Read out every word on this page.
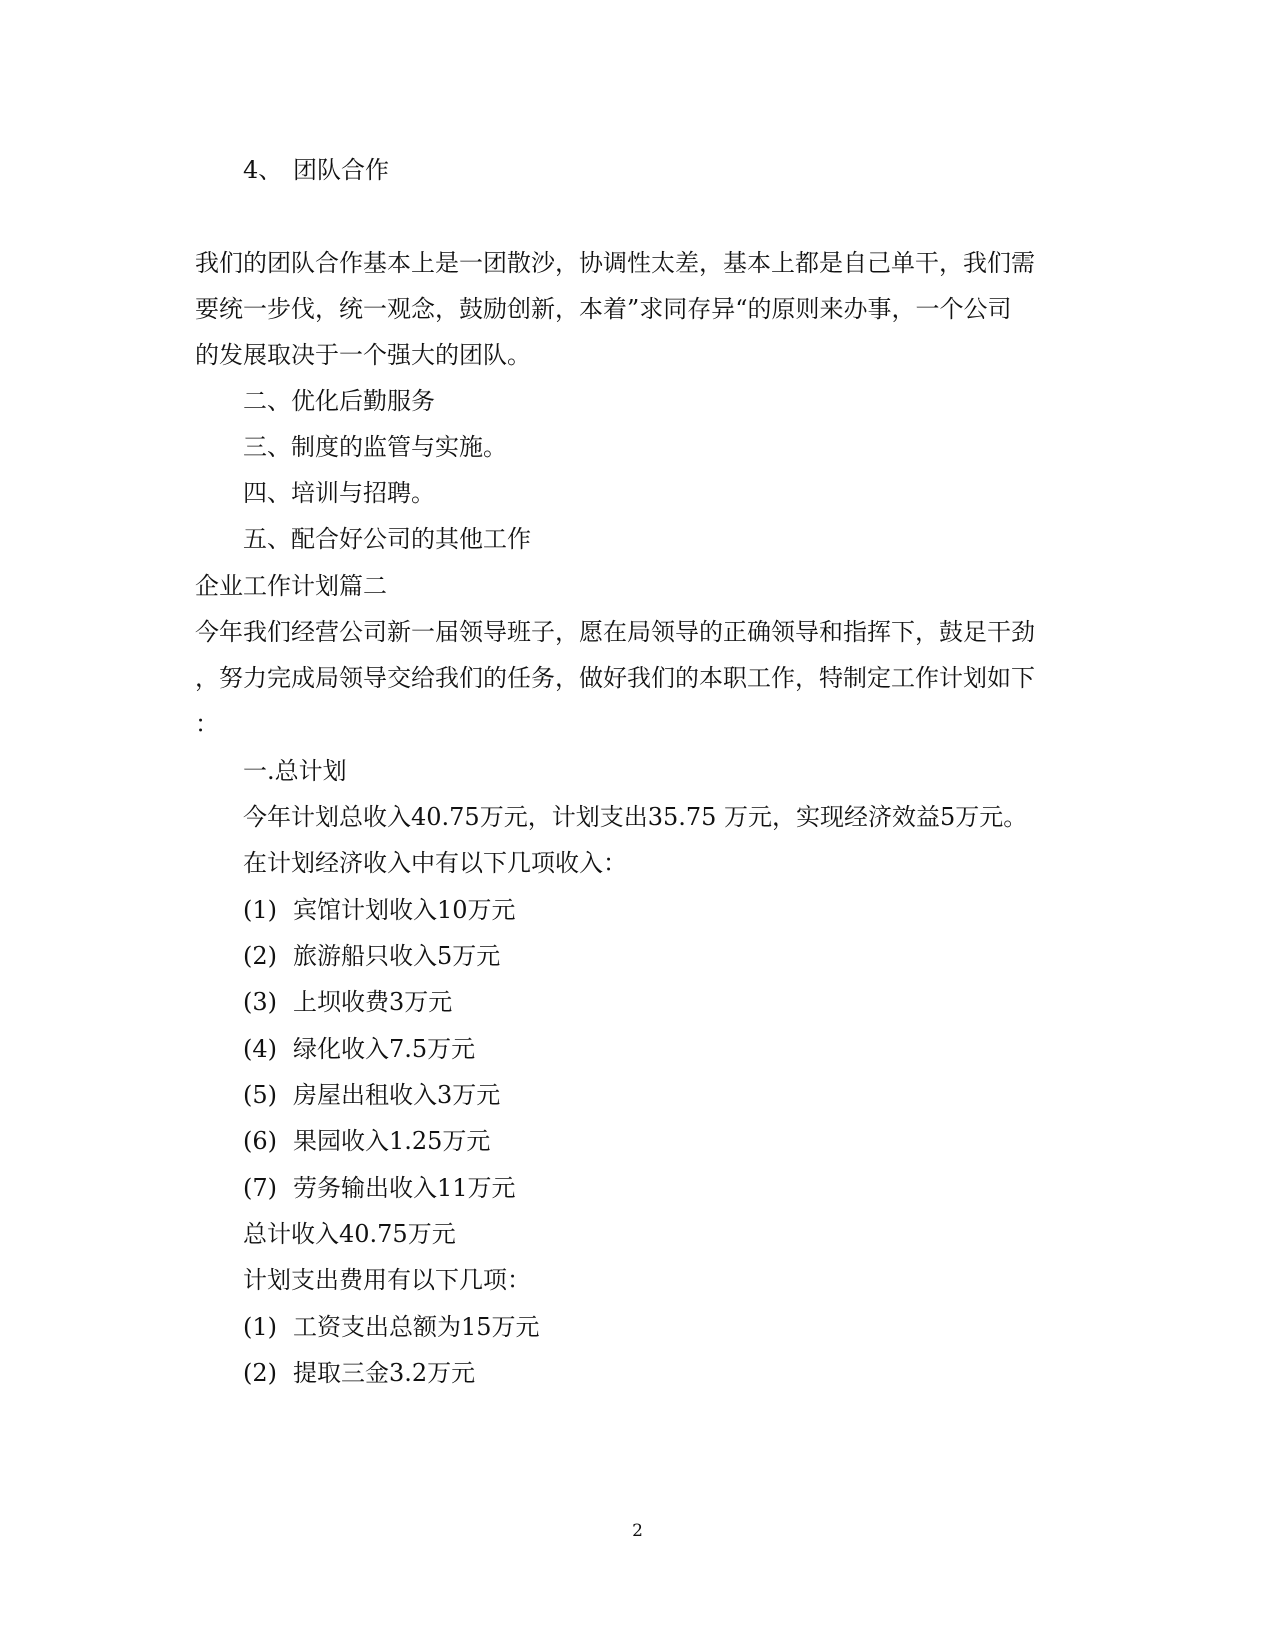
4、 团队合作
我们的团队合作基本上是一团散沙，协调性太差，基本上都是自己单干，我们需
要统一步伐，统一观念，鼓励创新，本着”求同存异“的原则来办事，一个公司
的发展取决于一个强大的团队。
二、优化后勤服务
三、制度的监管与实施。
四、培训与招聘。
五、配合好公司的其他工作
企业工作计划篇二
今年我们经营公司新一届领导班子，愿在局领导的正确领导和指挥下，鼓足干劲
，努力完成局领导交给我们的任务，做好我们的本职工作，特制定工作计划如下
：
一.总计划
今年计划总收入40.75万元，计划支出35.75 万元，实现经济效益5万元。
在计划经济收入中有以下几项收入：
(1) 宾馆计划收入10万元
(2) 旅游船只收入5万元
(3) 上坝收费3万元
(4) 绿化收入7.5万元
(5) 房屋出租收入3万元
(6) 果园收入1.25万元
(7) 劳务输出收入11万元
总计收入40.75万元
计划支出费用有以下几项：
(1) 工资支出总额为15万元
(2) 提取三金3.2万元
2
